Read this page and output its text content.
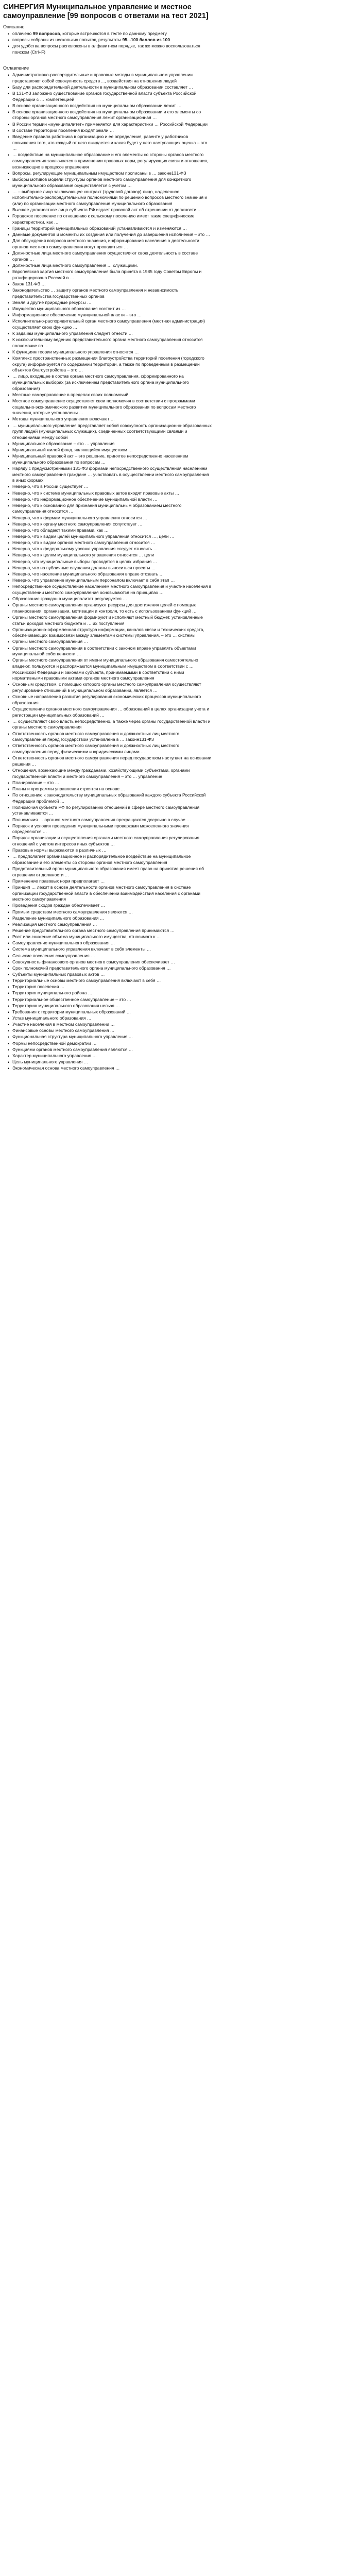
СИНЕРГИЯ Муниципальное управление и местное самоуправление [99 вопросов с ответами на тест 2021]
Описание
• оплачено 99 вопросов, которые встречаются в тесте по данному предмету
• вопросы собраны из нескольких попыток, результаты 95...100 баллов из 100
• для удобства вопросы расположены в алфавитном порядке, так же можно воспользоваться поиском (Ctrl+F)
Оглавление
• Административно-распорядительные и правовые методы в муниципальном управлении представляют собой совокупность средств ..., воздействия на отношения людей
• Базу для распорядительной деятельности в муниципальном образовании составляет …
• В 131-ФЗ заложено существование органов государственной власти субъекта Российской Федерации с … компетенцией
• В основе организационного воздействия на муниципальном образовании лежит …
• В основе организационного воздействия на муниципальном образовании и его элементы со стороны органов местного самоуправления лежит организационная …
• В России термин «муниципалитет» применяется для характеристики … Российской Федерации
• В составе территории поселения входят земли …
• Введение правила работника в организацию и ее определения, равенте у работников повышения того, что каждый от него ожидается и какая будет у него наступающих оценка – это …
• … воздействие на муниципальное образование и его элементы со стороны органов местного самоуправления заключается в применении правовых норм, регулирующих связи и отношения, возникающие в процессе управления
• Вопросы, регулирующие муниципальным имуществом прописаны в … законе131-ФЗ
• Выборы мотивов модели структуры органов местного самоуправления для конкретного муниципального образования осуществляется с учетом …
• … – выборное лицо заключающее контракт (трудовой договор) лицо, наделенное исполнительно-распорядительными полномочиями по решению вопросов местного значения и (или) по организации местного самоуправления муниципального образования
• Высшее должностное лицо субъекта РФ издает правовой акт об отрешении от должности …
• Городское поселение по отношению к сельскому поселению имеет такие специфические характеристики, как …
• Границы территорий муниципальных образований устанавливаются и изменяются …
• Даннвые документов и моменты их создания или получения до завершения исполнения – это …
• Для обсуждения вопросов местного значения, информирования населения о деятельности органов местного самоуправления могут проводиться …
• Должностные лица местного самоуправления осуществляют свою деятельность в составе органов …
• Должностные лица местного самоуправления … служащими.
• Европейская хартия местного самоуправления была принята в 1985 году Советом Европы и ратифицирована Россией в …
• Закон 131-ФЗ …
• Законодательство … защиту органов местного самоуправления и независимость представительства государственных органов
• Земля и другие природные ресурсы …
• Имущество муниципального образования состоит из …
• Информационное обеспечение муниципальной власти – это …
• Исполнительно-распорядительный орган местного самоуправления (местная администрация) осуществляет свою функцию …
• К задачам муниципального управления следует отнести …
• К исключительному ведению представительного органа местного самоуправления относится полномочие по …
• К функциям теории муниципального управления относятся …
• Комплекс пространственных размещения благоустройства территорий поселения (городского округа) информируется по содержании территории, а также по проведенным в размещении объектов благоустройства – это …
• … лицо, входящее в состав органа местного самоуправления, сформированного на муниципальных выборах (за исключением представительного органа муниципального образования)
• Местные самоуправление в пределах своих полномочий
• Местное самоуправление осуществляет свои полномочия в соответствии с программами социально-экономического развития муниципального образования по вопросам местного значения, которые установлены …
• Методы муниципального управления включают …
• … муниципального управления представляет собой совокупность организационно-образованных групп людей (муниципальных служащих), соединенных соответствующими связями и отношениями между собой
• Муниципальное образование – это … управления
• Муниципальный жилой фонд, являющийся имуществом …
• Муниципальный правовой акт – это решение, принятое непосредственно населением муниципального образования по вопросам …
• Наряду с предусмотренными 131-ФЗ формами непосредственного осуществления населением местного самоуправления граждане … участвовать в осуществлении местного самоуправления в иных формах
• Неверно, что в России существует …
• Неверно, что к системе муниципальных правовых актов входят правовые акты …
• Неверно, что информационное обеспечение муниципальной власти …
• Неверно, что к основанию для признания муниципальным образованием местного самоуправления относится …
• Неверно, что к формам муниципального управления относится …
• Неверно, что к органу местного самоуправления сопутствует …
• Неверно, что обладают такими правами, как …
• Неверно, что к видам целей муниципального управления относится …, цели …
• Неверно, что к видам органов местного самоуправления относится …
• Неверно, что к федеральному уровню управления следует относить …
• Неверно, что к целям муниципального управления относится … цели
• Неверно, что муниципальные выборы проводятся в целях избрания …
• Неверно, что на публичные слушания должны выноситься проекты …
• Неверно, что население муниципального образования вправе отозвать …
• Неверно, что управление муниципальным персоналом включает в себя этап …
• Непосредственное осуществление населением местного самоуправления и участие населения в осуществлении местного самоуправления основываются на принципах …
• Образование граждан в муниципалитет регулируется …
• Органы местного самоуправления организуют ресурсы для достижения целей с помощью планирования, организации, мотивации и контроля, то есть с использованием функций …
• Органы местного самоуправления формируют и исполняют местный бюджет, установленные статьи доходов местного бюджета и … их поступления
• Организационно-оформленная структура информации, каналов связи и технических средств, обеспечивающих взаимосвязи между элементами системы управления, – это … системы
• Органы местного самоуправления …
• Органы местного самоуправления в соответствии с законом вправе управлять объектами муниципальной собственности …
• Органы местного самоуправления от имени муниципального образования самостоятельно владеют, пользуются и распоряжаются муниципальным имуществом в соответствии с … Российской Федерации и законами субъекта, принимаемыми в соответствии с ними нормативными правовыми актами органов местного самоуправления
• Основным средством, с помощью которого органы местного самоуправления осуществляют регулирование отношений в муниципальном образовании, является …
• Основные направления развития регулирования экономических процессов муниципального образования …
• Осуществление органов местного самоуправления … образований в целях организации учета и регистрации муниципальных образований …
• … осуществляют свою власть непосредственно, а также через органы государственной власти и органы местного самоуправления
• Ответственность органов местного самоуправления и должностных лиц местного самоуправления перед государством установлена в … законе131-ФЗ
• Ответственность органов местного самоуправления и должностных лиц местного самоуправления перед физическими и юридическими лицами …
• Ответственность органов местного самоуправления перед государством наступает на основании решения …
• Отношения, возникающие между гражданами, хозяйствующими субъектами, органами государственной власти и местного самоуправления – это … управление
• Планирование – это …
• Планы и программы управления строятся на основе …
• По отношению к законодательству муниципальных образований каждого субъекта Российской Федерации проблемой …
• Полномочия субъекта РФ по регулированию отношений в сфере местного самоуправления устанавливаются …
• Полномочия … органов местного самоуправления прекращаются досрочно в случае …
• Порядок и условия проведения муниципальными проверками межселенного значения определяются …
• Порядок организации и осуществления органами местного самоуправления регулирования отношений с учетом интересов иных субъектов …
• Правовые нормы выражаются в различных …
• … предполагает организационное и распорядительное воздействие на муниципальное образование и его элементы со стороны органов местного самоуправления
• Представительный орган муниципального образования имеет право на принятие решения об отрешении от должности …
• Применение правовых норм предполагает …
• Принцип … лежит в основе деятельности органов местного самоуправления в системе организации государственной власти в обеспечении взаимодействия населения с органами местного самоуправления
• Проведения сходов граждан обеспечивает …
• Прямым средством местного самоуправления являются …
• Разделение муниципального образования …
• Реализация местного самоуправления …
• Решение представительного органа местного самоуправления принимаются …
• Рост или снижение объема муниципального имущества, относимого к …
• Самоуправление муниципального образования …
• Система муниципального управления включает в себя элементы …
• Сельские поселения самоуправления …
• Совокупность финансового органов местного самоуправления обеспечивает …
• Срок полномочий представительного органа муниципального образования …
• Субъекты муниципальных правовых актов …
• Территориальные основы местного самоуправления включают в себя …
• Территория поселения …
• Территория муниципального района …
• Территориальное общественное самоуправление – это …
• Территорию муниципального образования нельзя …
• Требования к территории муниципальных образований …
• Устав муниципального образования …
• Участие населения в местном самоуправлении …
• Финансовые основы местного самоуправления …
• Функциональная структура муниципального управления …
• Формы непосредственной демократии …
• Функциями органов местного самоуправления являются …
• Характер муниципального управления …
• Цель муниципального управления …
• Экономическая основа местного самоуправления …
